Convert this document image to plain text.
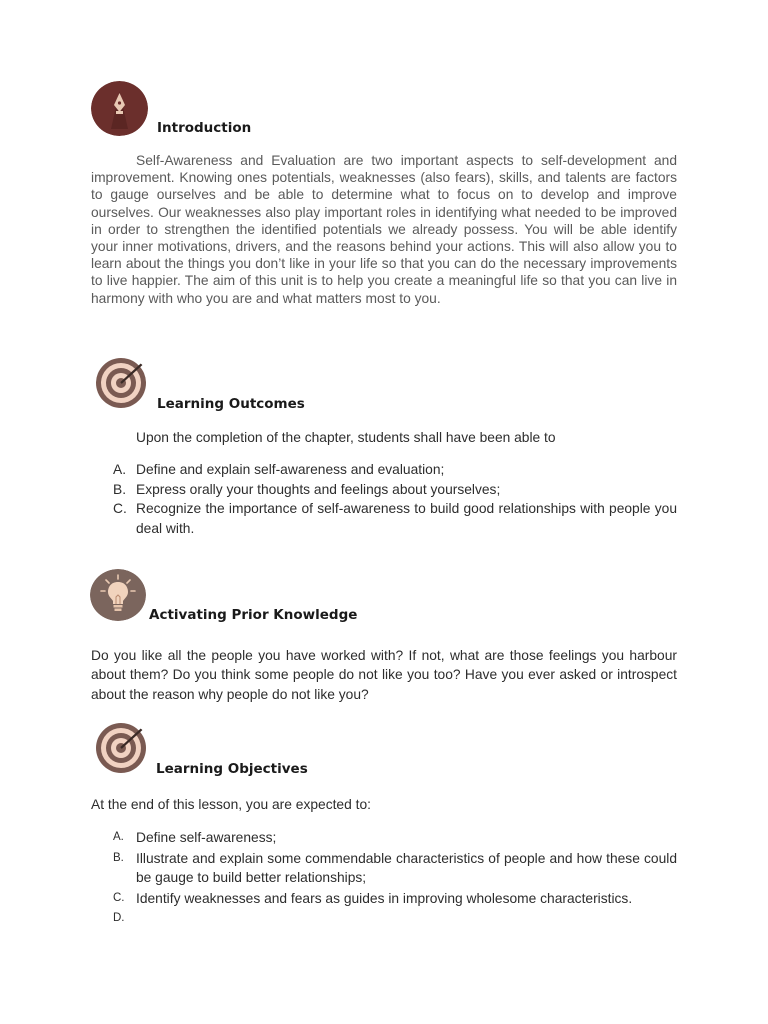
Introduction
Self-Awareness and Evaluation are two important aspects to self-development and
improvement. Knowing ones potentials, weaknesses (also fears), skills, and talents are factors
to gauge ourselves and be able to determine what to focus on to develop and improve
ourselves. Our weaknesses also play important roles in identifying what needed to be improved
in order to strengthen the identified potentials we already possess. You will be able identify
your inner motivations, drivers, and the reasons behind your actions. This will also allow you to
learn about the things you don’t like in your life so that you can do the necessary improvements
to live happier. The aim of this unit is to help you create a meaningful life so that you can live in
harmony with who you are and what matters most to you.
Learning Outcomes
Upon the completion of the chapter, students shall have been able to
A. Define and explain self-awareness and evaluation;
B. Express orally your thoughts and feelings about yourselves;
C. Recognize the importance of self-awareness to build good relationships with people you deal with.
Activating Prior Knowledge
Do you like all the people you have worked with? If not, what are those feelings you harbour about them? Do you think some people do not like you too? Have you ever asked or introspect about the reason why people do not like you?
Learning Objectives
At the end of this lesson, you are expected to:
A. Define self-awareness;
B. Illustrate and explain some commendable characteristics of people and how these could be gauge to build better relationships;
C. Identify weaknesses and fears as guides in improving wholesome characteristics.
D.
